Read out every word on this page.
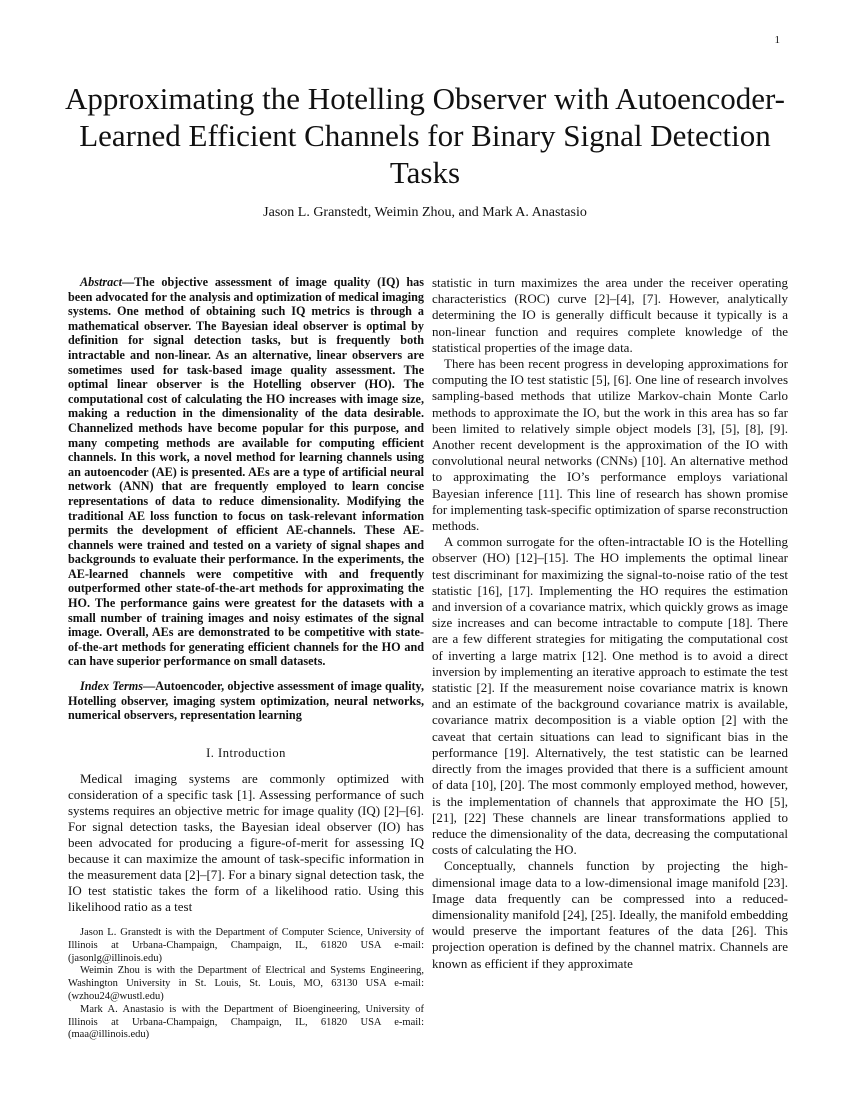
1
Approximating the Hotelling Observer with Autoencoder-Learned Efficient Channels for Binary Signal Detection Tasks
Jason L. Granstedt, Weimin Zhou, and Mark A. Anastasio

Abstract—The objective assessment of image quality (IQ) has been advocated for the analysis and optimization of medical imaging systems. One method of obtaining such IQ metrics is through a mathematical observer. The Bayesian ideal observer is optimal by definition for signal detection tasks, but is frequently both intractable and non-linear. As an alternative, linear observers are sometimes used for task-based image quality assessment. The optimal linear observer is the Hotelling observer (HO). The computational cost of calculating the HO increases with image size, making a reduction in the dimensionality of the data desirable. Channelized methods have become popular for this purpose, and many competing methods are available for computing efficient channels. In this work, a novel method for learning channels using an autoencoder (AE) is presented. AEs are a type of artificial neural network (ANN) that are frequently employed to learn concise representations of data to reduce dimensionality. Modifying the traditional AE loss function to focus on task-relevant information permits the development of efficient AE-channels. These AE-channels were trained and tested on a variety of signal shapes and backgrounds to evaluate their performance. In the experiments, the AE-learned channels were competitive with and frequently outperformed other state-of-the-art methods for approximating the HO. The performance gains were greatest for the datasets with a small number of training images and noisy estimates of the signal image. Overall, AEs are demonstrated to be competitive with state-of-the-art methods for generating efficient channels for the HO and can have superior performance on small datasets.

Index Terms—Autoencoder, objective assessment of image quality, Hotelling observer, imaging system optimization, neural networks, numerical observers, representation learning

I. Introduction

Medical imaging systems are commonly optimized with consideration of a specific task [1]. Assessing performance of such systems requires an objective metric for image quality (IQ) [2]–[6]. For signal detection tasks, the Bayesian ideal observer (IO) has been advocated for producing a figure-of-merit for assessing IQ because it can maximize the amount of task-specific information in the measurement data [2]–[7]. For a binary signal detection task, the IO test statistic takes the form of a likelihood ratio. Using this likelihood ratio as a test

Jason L. Granstedt is with the Department of Computer Science, University of Illinois at Urbana-Champaign, Champaign, IL, 61820 USA e-mail: (jasonlg@illinois.edu)

Weimin Zhou is with the Department of Electrical and Systems Engineering, Washington University in St. Louis, St. Louis, MO, 63130 USA e-mail: (wzhou24@wustl.edu)

Mark A. Anastasio is with the Department of Bioengineering, University of Illinois at Urbana-Champaign, Champaign, IL, 61820 USA e-mail: (maa@illinois.edu)

statistic in turn maximizes the area under the receiver operating characteristics (ROC) curve [2]–[4], [7]. However, analytically determining the IO is generally difficult because it typically is a non-linear function and requires complete knowledge of the statistical properties of the image data.

There has been recent progress in developing approximations for computing the IO test statistic [5], [6]. One line of research involves sampling-based methods that utilize Markov-chain Monte Carlo methods to approximate the IO, but the work in this area has so far been limited to relatively simple object models [3], [5], [8], [9]. Another recent development is the approximation of the IO with convolutional neural networks (CNNs) [10]. An alternative method to approximating the IO’s performance employs variational Bayesian inference [11]. This line of research has shown promise for implementing task-specific optimization of sparse reconstruction methods.

A common surrogate for the often-intractable IO is the Hotelling observer (HO) [12]–[15]. The HO implements the optimal linear test discriminant for maximizing the signal-to-noise ratio of the test statistic [16], [17]. Implementing the HO requires the estimation and inversion of a covariance matrix, which quickly grows as image size increases and can become intractable to compute [18]. There are a few different strategies for mitigating the computational cost of inverting a large matrix [12]. One method is to avoid a direct inversion by implementing an iterative approach to estimate the test statistic [2]. If the measurement noise covariance matrix is known and an estimate of the background covariance matrix is available, covariance matrix decomposition is a viable option [2] with the caveat that certain situations can lead to significant bias in the performance [19]. Alternatively, the test statistic can be learned directly from the images provided that there is a sufficient amount of data [10], [20]. The most commonly employed method, however, is the implementation of channels that approximate the HO [5], [21], [22] These channels are linear transformations applied to reduce the dimensionality of the data, decreasing the computational costs of calculating the HO.

Conceptually, channels function by projecting the high-dimensional image data to a low-dimensional image manifold [23]. Image data frequently can be compressed into a reduced-dimensionality manifold [24], [25]. Ideally, the manifold embedding would preserve the important features of the data [26]. This projection operation is defined by the channel matrix. Channels are known as efficient if they approximate
